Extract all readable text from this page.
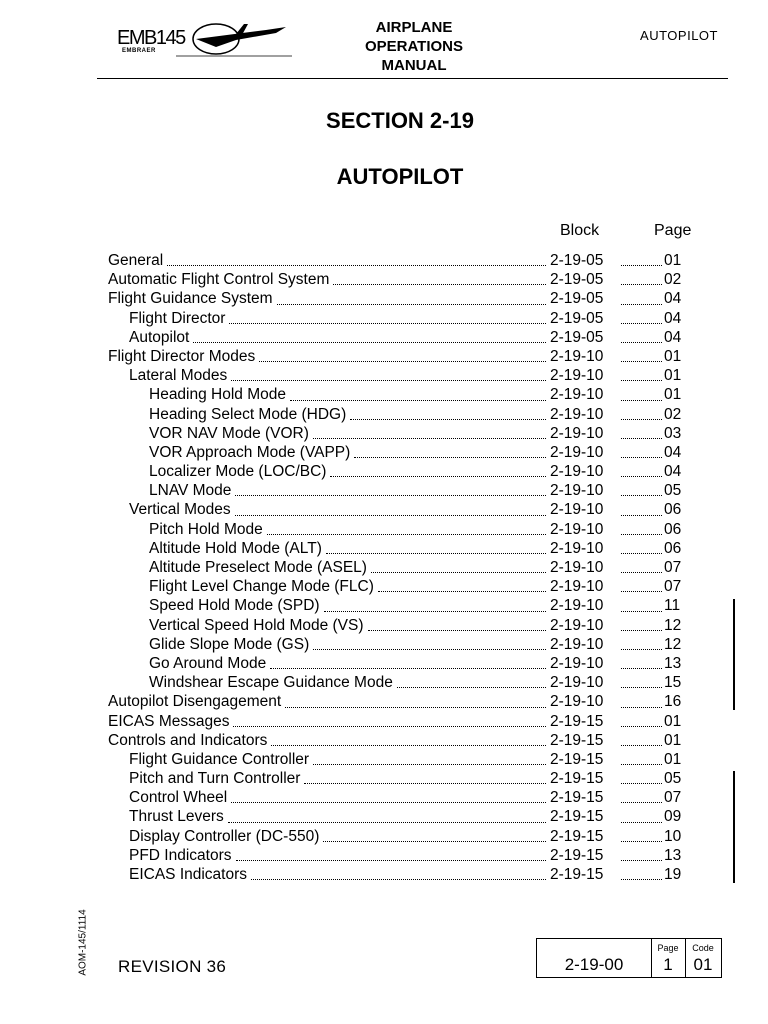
EMB145
EMBRAER
AIRPLANE
OPERATIONS
MANUAL
AUTOPILOT
SECTION 2-19
AUTOPILOT
Block	Page
General	2-19-05	01
Automatic Flight Control System	2-19-05	02
Flight Guidance System	2-19-05	04
Flight Director	2-19-05	04
Autopilot	2-19-05	04
Flight Director Modes	2-19-10	01
Lateral Modes	2-19-10	01
Heading Hold Mode	2-19-10	01
Heading Select Mode (HDG)	2-19-10	02
VOR NAV Mode (VOR)	2-19-10	03
VOR Approach Mode (VAPP)	2-19-10	04
Localizer Mode (LOC/BC)	2-19-10	04
LNAV Mode	2-19-10	05
Vertical Modes	2-19-10	06
Pitch Hold Mode	2-19-10	06
Altitude Hold Mode (ALT)	2-19-10	06
Altitude Preselect Mode (ASEL)	2-19-10	07
Flight Level Change Mode (FLC)	2-19-10	07
Speed Hold Mode (SPD)	2-19-10	11
Vertical Speed Hold Mode (VS)	2-19-10	12
Glide Slope Mode (GS)	2-19-10	12
Go Around Mode	2-19-10	13
Windshear Escape Guidance Mode	2-19-10	15
Autopilot Disengagement	2-19-10	16
EICAS Messages	2-19-15	01
Controls and Indicators	2-19-15	01
Flight Guidance Controller	2-19-15	01
Pitch and Turn Controller	2-19-15	05
Control Wheel	2-19-15	07
Thrust Levers	2-19-15	09
Display Controller (DC-550)	2-19-15	10
PFD Indicators	2-19-15	13
EICAS Indicators	2-19-15	19
AOM-145/1114 REVISION 36	2-19-00
Page
1
Code
01
